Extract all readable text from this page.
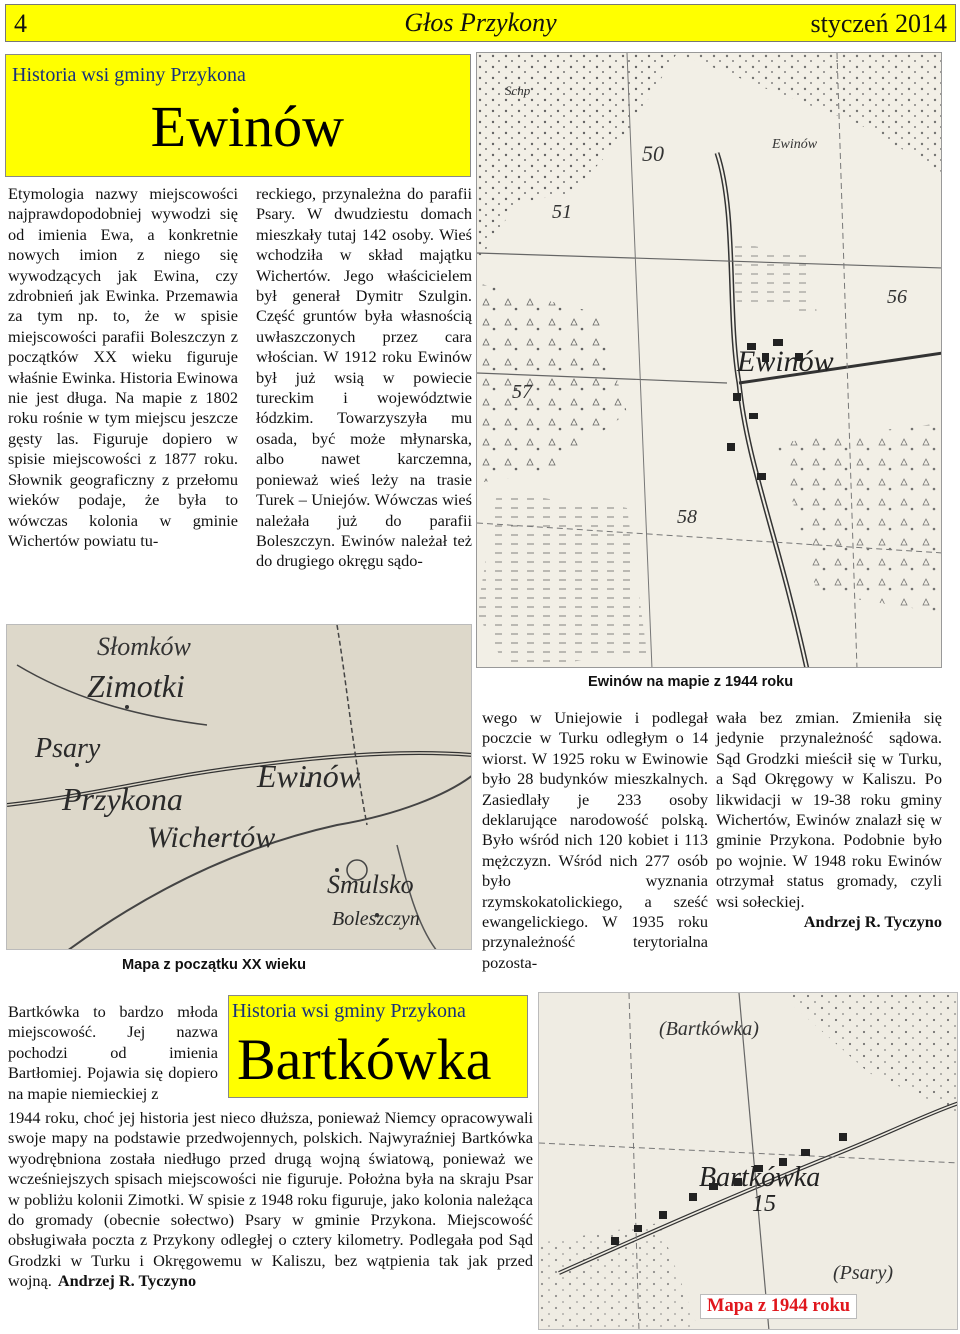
4	Głos Przykony	styczeń 2014
Historia wsi gminy Przykona
Ewinów

Etymologia nazwy miejscowości najprawdopodobniej wywodzi się od imienia Ewa, a konkretnie nowych imion z niego się wywodzących jak Ewina, czy zdrobnień jak Ewinka. Przemawia za tym np. to, że w spisie miejscowości parafii Boleszczyn z początków XX wieku figuruje właśnie Ewinka. Historia Ewinowa nie jest długa. Na mapie z 1802 roku rośnie w tym miejscu jeszcze gęsty las. Figuruje dopiero w spisie miejscowości z 1877 roku. Słownik geograficzny z przełomu wieków podaje, że była to wówczas kolonia w gminie Wichertów powiatu tu-

reckiego, przynależna do parafii Psary. W dwudziestu domach mieszkały tutaj 142 osoby. Wieś wchodziła w skład majątku Wichertów. Jego właścicielem był generał Dymitr Szulgin. Część gruntów była własnością uwłaszczonych przez cara włościan. W 1912 roku Ewinów był już wsią w powiecie tureckim i województwie łódzkim. Towarzyszyła mu osada, być może młynarska, albo nawet karczemna, ponieważ wieś leży na trasie Turek – Uniejów. Wówczas wieś należała już do parafii Boleszczyn. Ewinów należał też do drugiego okręgu sądo-

Schp
50
51
Ewinów
Ewinów
57
56
58
Ewinów na mapie z 1944 roku
Słomków
Zimotki
Psary
Przykona
Ewinów
Wichertów
Smulsko
Boleszczyn
Mapa z początku XX wieku

wego w Uniejowie i podlegał poczcie w Turku odległym o 14 wiorst. W 1925 roku w Ewinowie było 28 budynków mieszkalnych. Zasiedlały je 233 osoby deklarujące narodowość polską. Było wśród nich 120 kobiet i 113 mężczyzn. Wśród nich 277 osób było wyznania rzymskokatolickiego, a sześć ewangelickiego. W 1935 roku przynależność terytorialna pozosta-

wała bez zmian. Zmieniła się jedynie przynależność sądowa. Sąd Grodzki mieścił się w Turku, a Sąd Okręgowy w Kaliszu. Po likwidacji w 19-38 roku gminy Wichertów, Ewinów znalazł się w gminie Przykona. Podobnie było po wojnie. W 1948 roku Ewinów otrzymał status gromady, czyli wsi sołeckiej.

Andrzej R. Tyczyno
Historia wsi gminy Przykona
Bartkówka

Bartkówka to bardzo młoda miejscowość. Jej nazwa pochodzi od imienia Bartłomiej. Pojawia się dopiero na mapie niemieckiej z

1944 roku, choć jej historia jest nieco dłuższa, ponieważ Niemcy opracowywali swoje mapy na podstawie przedwojennych, polskich. Najwyraźniej Bartkówka wyodrębniona została niedługo przed drugą wojną światową, ponieważ we wcześniejszych spisach miejscowości nie figuruje. Położna była na skraju Psar w pobliżu kolonii Zimotki. W spisie z 1948 roku figuruje, jako kolonia należąca do gromady (obecnie sołectwo) Psary w gminie Przykona. Miejscowość obsługiwała poczta z Przykony odległej o cztery kilometry. Podlegała pod Sąd Grodzki w Turku i Okręgowemu w Kaliszu, bez wątpienia tak jak przed wojną. Andrzej R. Tyczyno

(Bartkówka)
Bartkówka
15
(Psary)
Mapa z 1944 roku
